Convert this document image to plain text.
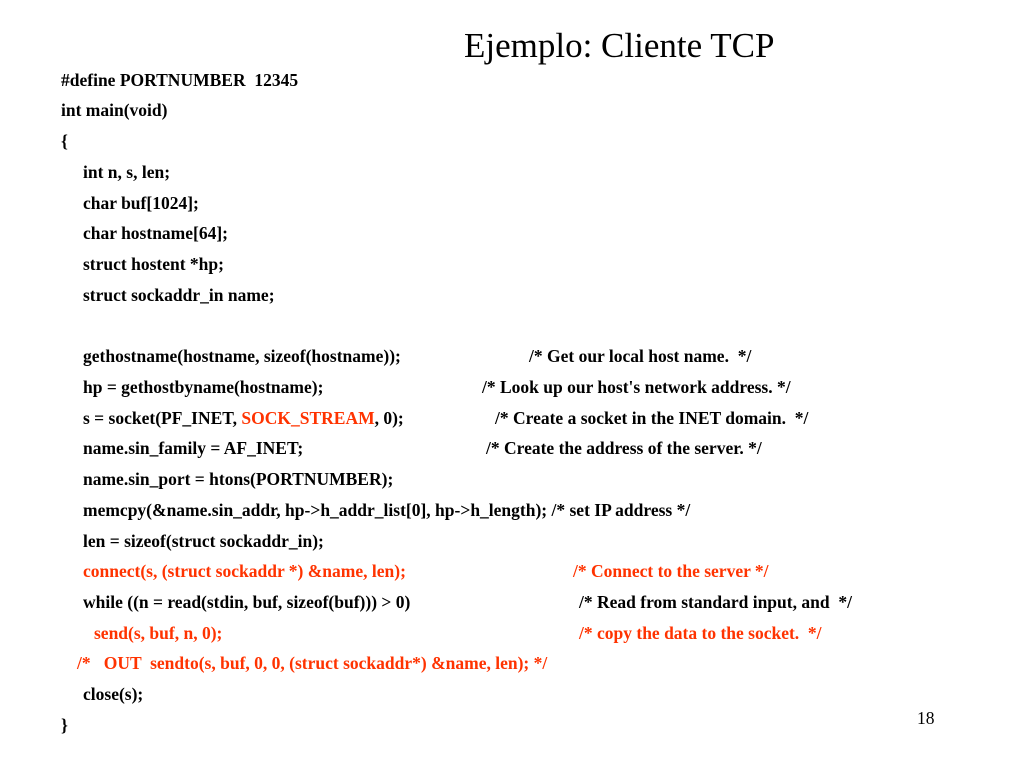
Ejemplo: Cliente TCP
#define PORTNUMBER  12345
int main(void)
{
int n, s, len;
char buf[1024];
char hostname[64];
struct hostent *hp;
struct sockaddr_in name;
gethostname(hostname, sizeof(hostname));	/* Get our local host name.  */
hp = gethostbyname(hostname);	/* Look up our host's network address. */
s = socket(PF_INET, SOCK_STREAM, 0);	/* Create a socket in the INET domain.  */
name.sin_family = AF_INET;	/* Create the address of the server. */
name.sin_port = htons(PORTNUMBER);
memcpy(&name.sin_addr, hp->h_addr_list[0], hp->h_length); /* set IP address */
len = sizeof(struct sockaddr_in);
connect(s, (struct sockaddr *) &name, len);	/* Connect to the server */
while ((n = read(stdin, buf, sizeof(buf))) > 0)	/* Read from standard input, and  */
send(s, buf, n, 0);	/* copy the data to the socket.  */
/*   OUT  sendto(s, buf, 0, 0, (struct sockaddr*) &name, len); */
close(s);
}	18
